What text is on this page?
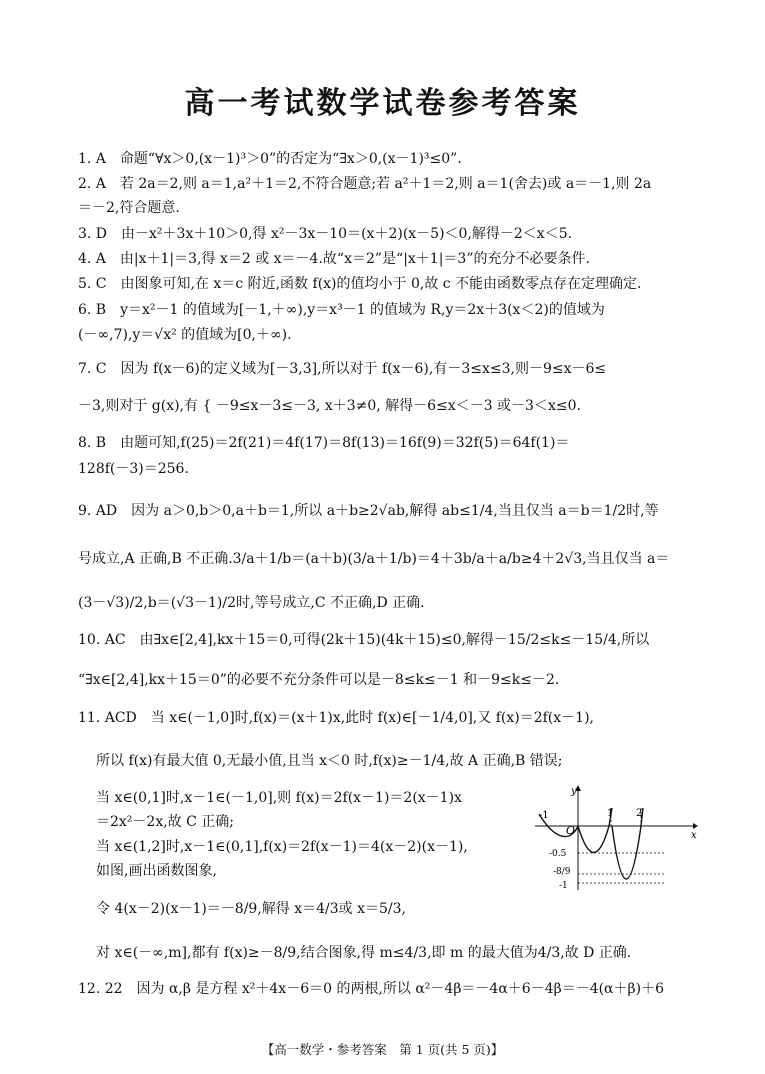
高一考试数学试卷参考答案
1. A　命题“∀x＞0,(x－1)³＞0”的否定为“∃x＞0,(x－1)³≤0”.
2. A　若 2a＝2,则 a＝1,a²＋1＝2,不符合题意;若 a²＋1＝2,则 a＝1(舍去)或 a＝－1,则 2a
＝－2,符合题意.
3. D　由－x²＋3x＋10＞0,得 x²－3x－10＝(x＋2)(x－5)＜0,解得－2＜x＜5.
4. A　由|x＋1|＝3,得 x＝2 或 x＝－4.故“x＝2”是“|x＋1|＝3”的充分不必要条件.
5. C　由图象可知,在 x＝c 附近,函数 f(x)的值均小于 0,故 c 不能由函数零点存在定理确定.
6. B　y＝x²－1 的值域为[－1,＋∞),y＝x³－1 的值域为 R,y＝2x＋3(x＜2)的值域为
(－∞,7),y＝√x² 的值域为[0,＋∞).
7. C　因为 f(x－6)的定义域为[－3,3],所以对于 f(x－6),有－3≤x≤3,则－9≤x－6≤
－3,则对于 g(x),有 { －9≤x－3≤－3, x＋3≠0, 解得－6≤x＜－3 或－3＜x≤0.
8. B　由题可知,f(25)＝2f(21)＝4f(17)＝8f(13)＝16f(9)＝32f(5)＝64f(1)＝
128f(－3)＝256.
9. AD　因为 a＞0,b＞0,a＋b＝1,所以 a＋b≥2√ab,解得 ab≤1/4,当且仅当 a＝b＝1/2时,等
号成立,A 正确,B 不正确.3/a＋1/b＝(a＋b)(3/a＋1/b)＝4＋3b/a＋a/b≥4＋2√3,当且仅当 a＝
(3－√3)/2,b＝(√3－1)/2时,等号成立,C 不正确,D 正确.
10. AC　由∃x∈[2,4],kx＋15＝0,可得(2k＋15)(4k＋15)≤0,解得－15/2≤k≤－15/4,所以
“∃x∈[2,4],kx＋15＝0”的必要不充分条件可以是－8≤k≤－1 和－9≤k≤－2.
11. ACD　当 x∈(－1,0]时,f(x)＝(x＋1)x,此时 f(x)∈[－1/4,0],又 f(x)＝2f(x－1),
所以 f(x)有最大值 0,无最小值,且当 x＜0 时,f(x)≥－1/4,故 A 正确,B 错误;
当 x∈(0,1]时,x－1∈(－1,0],则 f(x)＝2f(x－1)＝2(x－1)x
＝2x²－2x,故 C 正确;
当 x∈(1,2]时,x－1∈(0,1],f(x)＝2f(x－1)＝4(x－2)(x－1),
如图,画出函数图象,
令 4(x－2)(x－1)＝－8/9,解得 x＝4/3或 x＝5/3,
对 x∈(－∞,m],都有 f(x)≥－8/9,结合图象,得 m≤4/3,即 m 的最大值为4/3,故 D 正确.
12. 22　因为 α,β 是方程 x²＋4x－6＝0 的两根,所以 α²－4β＝－4α＋6－4β＝－4(α＋β)＋6
y
x
O
-1	1 2
-0.5
-8/9
-1
【高一数学・参考答案　第 1 页(共 5 页)】
